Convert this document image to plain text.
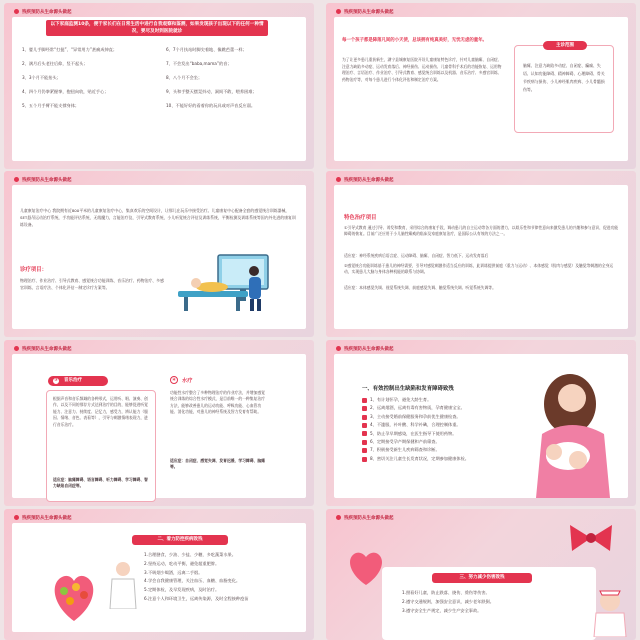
残疾预防从生命源头做起
以下家庭监测10条，便于家长们在日常生活中进行自我观察和鉴测，如果发现孩子出现以下的任何一种情况，要尽及时到医院就诊
1、婴儿手脚经常“打挺”、“异常用力”甚痛成伸直；	6、7个月扶站时脚尖着地、像跳芭蕾一样；
2、满月后头老往后仰，竖不起头；	7、不会发出“baba,mama”的音；
3、3个月不能抬头；	8、八个月不会坐；
4、四个月仍拳紧握拳，抱扭向收，贴近手心；	9、头和手整天摆晃抖动，洞间不敢，喂养困难；
5、五个月手臂不能支撑身体；	10、不能好好的看着你的玩具或对声音反应弱。
残疾预防从生命源头做起
每一个孩子都是降落凡间的小天使，总该拥有纯真美好，无忧无虑的童年。
为了让更多患儿重获新生，湖宁县城康复医院开设儿童康复特色诊疗，针对儿童脑瘫、自闭症、注意力缺陷多动症、运动发育落后、神经损伤、运动损伤、儿童骨科手术后的功能恢复、运用物理治疗、言语治疗、作业治疗、引导式教育、感觉统合训练以及机器、音乐治疗、多感官训练、药物治疗等，对每个患儿进行个体化评估和制定治疗方案。
主诊范围
脑瘫、注意力缺陷多动症、自闭症、癫痫、失语、认知功能障碍、精神障碍、心理障碍、骨关节疾病与损伤、小儿神经肌肉疾病、小儿骨髓损伤等。
残疾预防从生命源头做起
儿童康复治疗中心 我院拥有近800平米的儿童康复治疗中心，集真欢乐的空间设计，让那儿在玩乐中接受治疗。儿童康复中心配备全套的感觉统合训练器械，SET悬吊运动治疗系统，手功能评估系统，无线魔力，言能治疗仪，引导式教育系统，小儿听觉统合评估及训练系统，平衡检测及训练系统等国内外先进的康复训练设备。
诊疗项目：
物理治疗、作业治疗、引导式教育、感觉统合功能训练、音乐治疗、药物治疗、多感官训练、言语疗法、个体化评估－制定诊疗方案等。
残疾预防从生命源头做起
特色治疗项目
①引导式教育 通过引导、诱发和教育，采用综合的康复手段，调动患儿的自主运动等各方面的潜力，以娱乐性和节律性意向来激发患儿的兴趣和参与意识，促进功能障碍的恢复。目前广泛应用于小儿脑性瘫痪的临床及家庭康复治疗，是国际公认有效的方法之一。
适应症：神经系统疾病后语言症、运动障碍、脑瘫、自闭症、智力低下、运动发育落后
②感觉统合功能训练基于患儿的神经需要，引导对感觉刺激作适当反应的训练，此训练提供前庭（重力与运动）、本体感觉（肌肉与感觉）及触觉等刺激的全身运动，实现患儿大脑与身体各种机能的联系与协调。
适应症：本体感觉失调、视觉系统失调、前庭感觉失调、触觉系统失调、听觉系统失调等。
残疾预防从生命源头做起
③	音乐治疗
根据声音和音乐频域的各种形式，运用听、唱、演奏、创作，以及不同的那存方式达到治疗的目的，能够促进听觉能力、注意力、持续度、记忆力，感受力，辨认能力（服因、情绪、音色、表看等），引导与刺激情绪表现力，进行音乐治疗。
适应症：脑瘫障碍、语言障碍、听力障碍、学习障碍、智力缺陷自闭症等。
④	水疗
功能性水疗整合了多种物理治疗的作业疗法，并增加感觉统合训练的综合性水疗模式，是目前唯一的一种集复治疗方法，能够改善患儿的运动功能、呼吸功能、心血管功能、消化功能，对患儿的神经系统及智力发育有帮助。
适应症：自闭症、感觉失调、发育迟缓、学习障碍、脑瘫等。
残疾预防从生命源头做起
一、有效控制出生缺陷和发育障碍致残
1、有计划怀孕，避免大龄生育。
2、远离烟酒，远离有毒有害物质，孕育健康宝宝。
3、主动接受婚前保健服务和孕前优生健康检查。
4、不滥服，补叶酸、科学补碘，合理控制体重。
5、防止孕早期感染，在医生指导下使用药物。
6、定期接受孕产期保健和产前筛查。
7、积极接受新生儿疾病筛查和诊断。
8、密切关注儿童生长发育状况，定期参加健康体检。
残疾预防从生命源头做起
二、着力防控疾病致残
1.合理膳食，少油、少盐、少糖，多吃蔬菜水果。
2.坚持运动，吃动平衡，避免超重肥胖。
3.不吸烟少喝酒，远离二手烟。
4.学会自我健康管理，关注血压、血糖、血脂变化。
5.定期体检，及早发现疾病，及时治疗。
6.注意个人和环境卫生，远离传染源，及时全程接种疫苗
残疾预防从生命源头做起
三、努力减少伤害致残
1.照看好儿童，防止跌落、烧伤、烫伤等伤害。
2.遵守交通规则，加强安全意识，减少老年跌倒。
3.遵守安全生产规定，减少生产安全事故。
